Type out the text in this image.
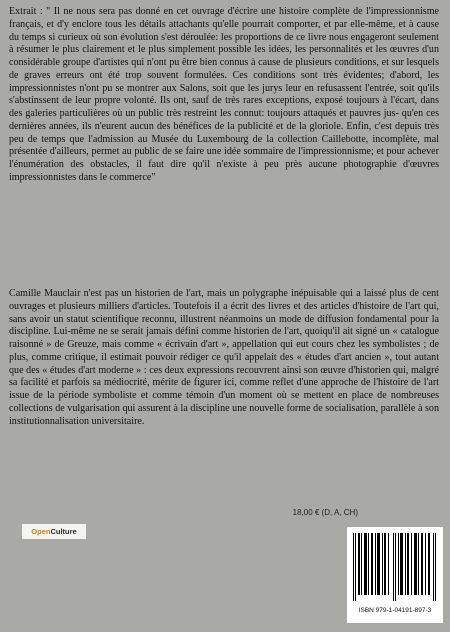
Extrait : " Il ne nous sera pas donné en cet ouvrage d'écrire une histoire complète de l'impressionnisme français, et d'y enclore tous les détails attachants qu'elle pourrait comporter, et par elle-même, et à cause du temps si curieux où son évolution s'est déroulée: les proportions de ce livre nous engageront seulement à résumer le plus clairement et le plus simplement possible les idées, les personnalités et les œuvres d'un considérable groupe d'artistes qui n'ont pu être bien connus à cause de plusieurs conditions, et sur lesquels de graves erreurs ont été trop souvent formulées. Ces conditions sont très évidentes; d'abord, les impressionnistes n'ont pu se montrer aux Salons, soit que les jurys leur en refusassent l'entrée, soit qu'ils s'abstinssent de leur propre volonté. Ils ont, sauf de très rares exceptions, exposé toujours à l'écart, dans des galeries particulières où un public très restreint les connut: toujours attaqués et pauvres jus- qu'en ces dernières années, ils n'eurent aucun des bénéfices de la publicité et de la gloriole. Enfin, c'est depuis très peu de temps que l'admission au Musée du Luxembourg de la collection Caillebotte, incomplète, mal présentée d'ailleurs, permet au public de se faire une idée sommaire de l'impressionnisme; et pour achever l'énumération des obstacles, il faut dire qu'il n'existe à peu près aucune photographie d'œuvres impressionnistes dans le commerce"

Camille Mauclair n'est pas un historien de l'art, mais un polygraphe inépuisable qui a laissé plus de cent ouvrages et plusieurs milliers d'articles. Toutefois il a écrit des livres et des articles d'histoire de l'art qui, sans avoir un statut scientifique reconnu, illustrent néanmoins un mode de diffusion fondamental pour la discipline. Lui-même ne se serait jamais défini comme historien de l'art, quoiqu'il ait signé un « catalogue raisonné » de Greuze, mais comme « écrivain d'art », appellation qui eut cours chez les symbolistes ; de plus, comme critique, il estimait pouvoir rédiger ce qu'il appelait des « études d'art ancien », tout autant que des « études d'art moderne » : ces deux expressions recouvrent ainsi son œuvre d'historien qui, malgré sa facilité et parfois sa médiocrité, mérite de figurer ici, comme reflet d'une approche de l'histoire de l'art issue de la période symboliste et comme témoin d'un moment où se mettent en place de nombreuses collections de vulgarisation qui assurent à la discipline une nouvelle forme de socialisation, parallèle à son institutionnalisation universitaire.

18,00 € (D, A, CH)
Open Culture
ISBN 979-1-04191-897-3
